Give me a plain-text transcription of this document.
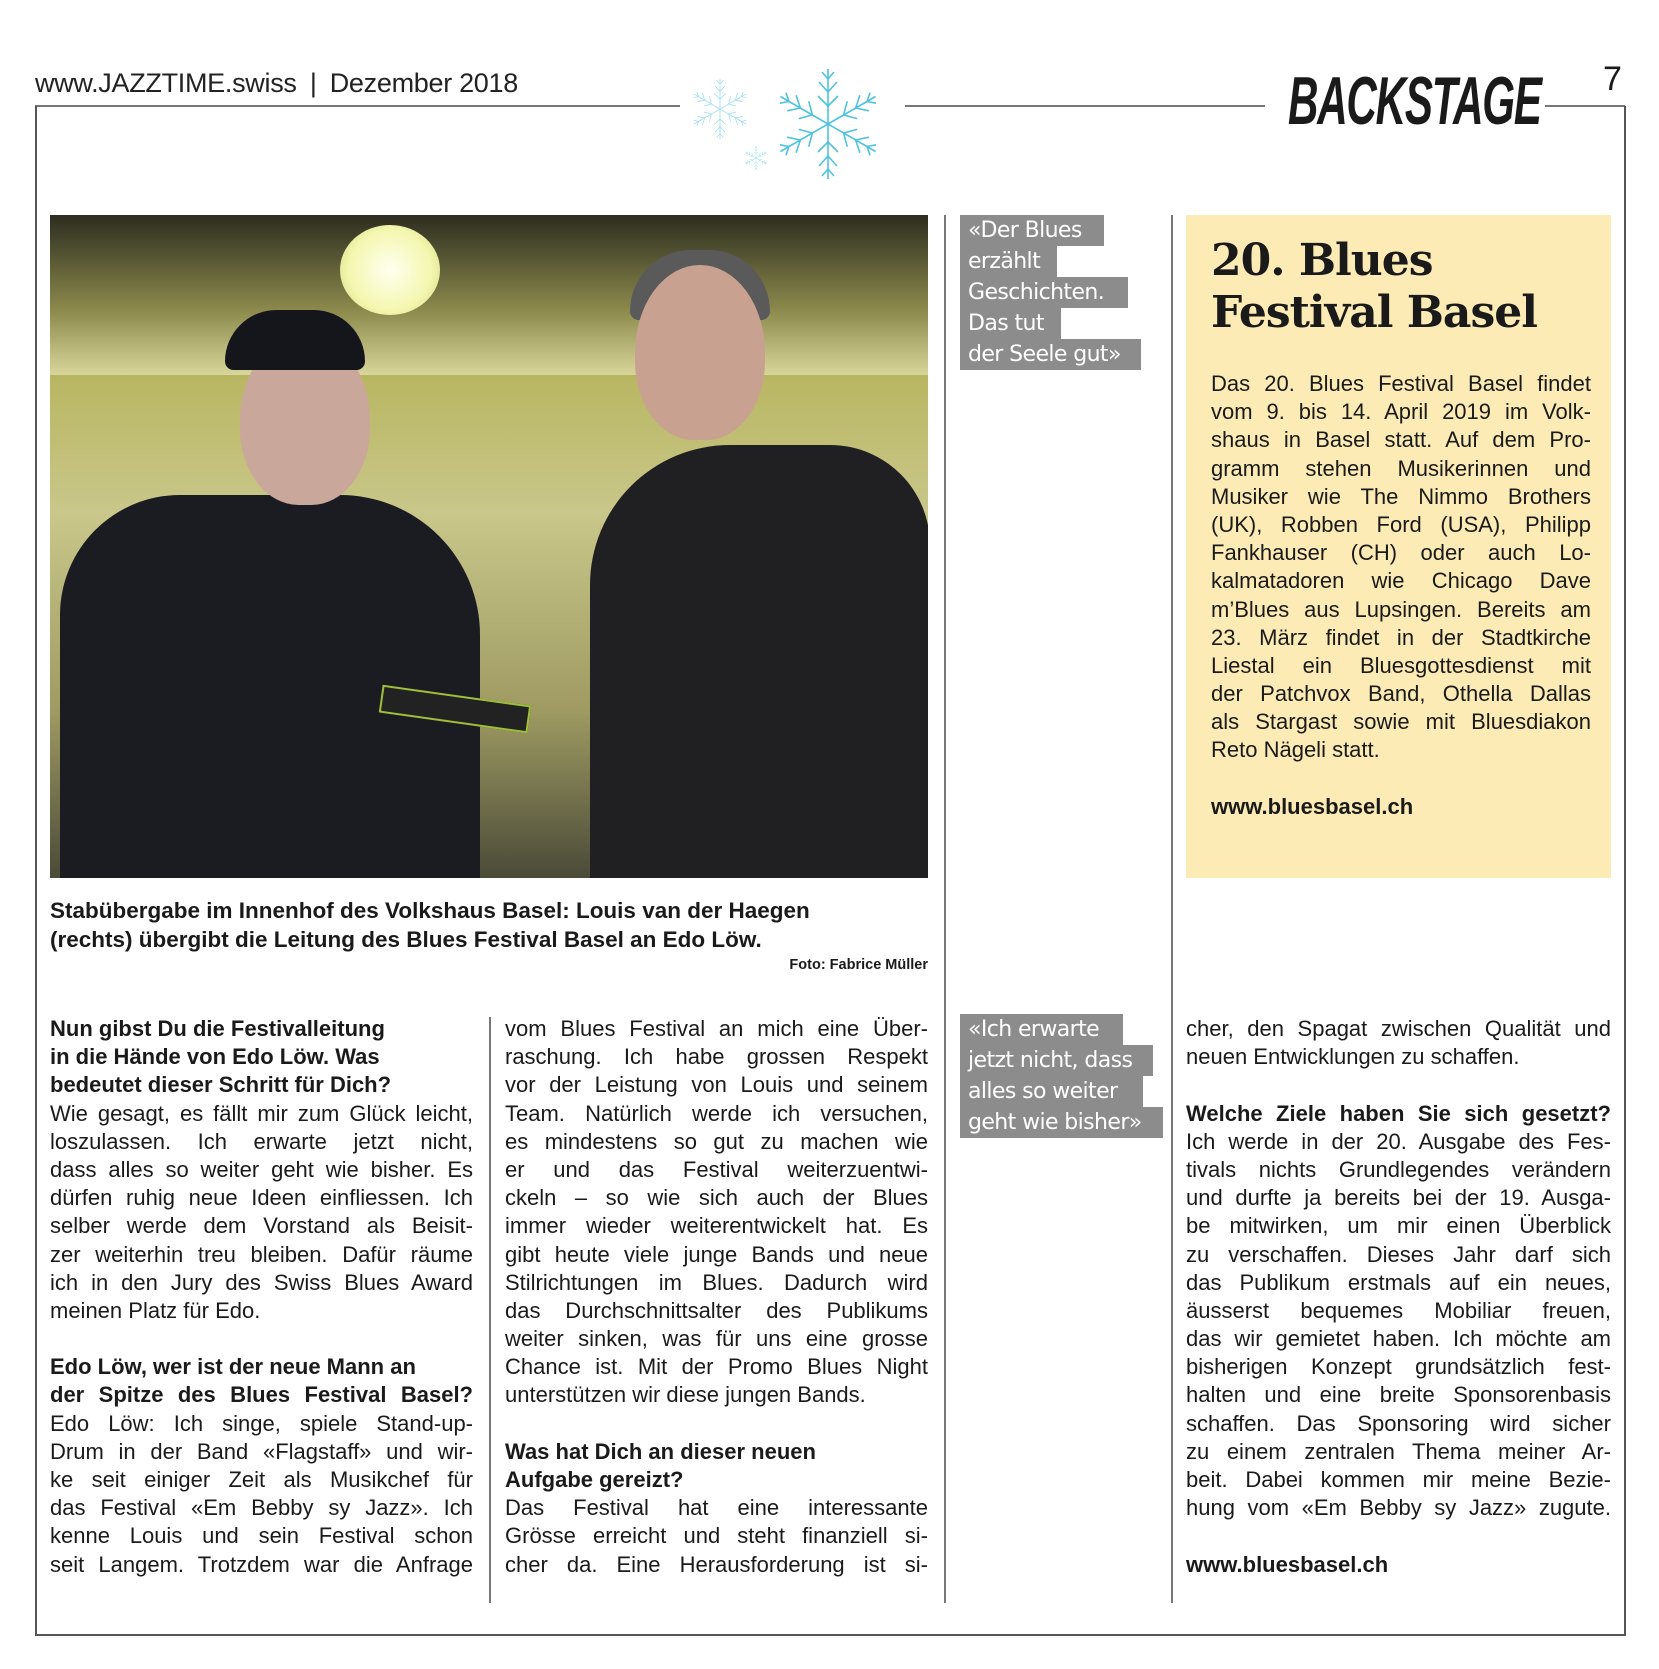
www.JAZZTIME.swiss | Dezember 2018	BACKSTAGE 7
Stabübergabe im Innenhof des Volkshaus Basel: Louis van der Haegen
(rechts) übergibt die Leitung des Blues Festival Basel an Edo Löw.
Foto: Fabrice Müller
«Der Blues
erzählt
Geschichten.
Das tut
der Seele gut»
«Ich erwarte
jetzt nicht, dass
alles so weiter
geht wie bisher»
20. Blues
Festival Basel
Das 20. Blues Festival Basel findet
vom 9. bis 14. April 2019 im Volk-
shaus in Basel statt. Auf dem Pro-
gramm stehen Musikerinnen und
Musiker wie The Nimmo Brothers
(UK), Robben Ford (USA), Philipp
Fankhauser (CH) oder auch Lo-
kalmatadoren wie Chicago Dave
m’Blues aus Lupsingen. Bereits am
23. März findet in der Stadtkirche
Liestal ein Bluesgottesdienst mit
der Patchvox Band, Othella Dallas
als Stargast sowie mit Bluesdiakon
Reto Nägeli statt.
www.bluesbasel.ch
Nun gibst Du die Festivalleitung
in die Hände von Edo Löw. Was
bedeutet dieser Schritt für Dich?
Wie gesagt, es fällt mir zum Glück leicht,
loszulassen. Ich erwarte jetzt nicht,
dass alles so weiter geht wie bisher. Es
dürfen ruhig neue Ideen einfliessen. Ich
selber werde dem Vorstand als Beisit-
zer weiterhin treu bleiben. Dafür räume
ich in den Jury des Swiss Blues Award
meinen Platz für Edo.
Edo Löw, wer ist der neue Mann an
der Spitze des Blues Festival Basel?
Edo Löw: Ich singe, spiele Stand-up-
Drum in der Band «Flagstaff» und wir-
ke seit einiger Zeit als Musikchef für
das Festival «Em Bebby sy Jazz». Ich
kenne Louis und sein Festival schon
seit Langem. Trotzdem war die Anfrage
vom Blues Festival an mich eine Über-
raschung. Ich habe grossen Respekt
vor der Leistung von Louis und seinem
Team. Natürlich werde ich versuchen,
es mindestens so gut zu machen wie
er und das Festival weiterzuentwi-
ckeln – so wie sich auch der Blues
immer wieder weiterentwickelt hat. Es
gibt heute viele junge Bands und neue
Stilrichtungen im Blues. Dadurch wird
das Durchschnittsalter des Publikums
weiter sinken, was für uns eine grosse
Chance ist. Mit der Promo Blues Night
unterstützen wir diese jungen Bands.
Was hat Dich an dieser neuen
Aufgabe gereizt?
Das Festival hat eine interessante
Grösse erreicht und steht finanziell si-
cher da. Eine Herausforderung ist si-
cher, den Spagat zwischen Qualität und
neuen Entwicklungen zu schaffen.
Welche Ziele haben Sie sich gesetzt?
Ich werde in der 20. Ausgabe des Fes-
tivals nichts Grundlegendes verändern
und durfte ja bereits bei der 19. Ausga-
be mitwirken, um mir einen Überblick
zu verschaffen. Dieses Jahr darf sich
das Publikum erstmals auf ein neues,
äusserst bequemes Mobiliar freuen,
das wir gemietet haben. Ich möchte am
bisherigen Konzept grundsätzlich fest-
halten und eine breite Sponsorenbasis
schaffen. Das Sponsoring wird sicher
zu einem zentralen Thema meiner Ar-
beit. Dabei kommen mir meine Bezie-
hung vom «Em Bebby sy Jazz» zugute.
www.bluesbasel.ch
